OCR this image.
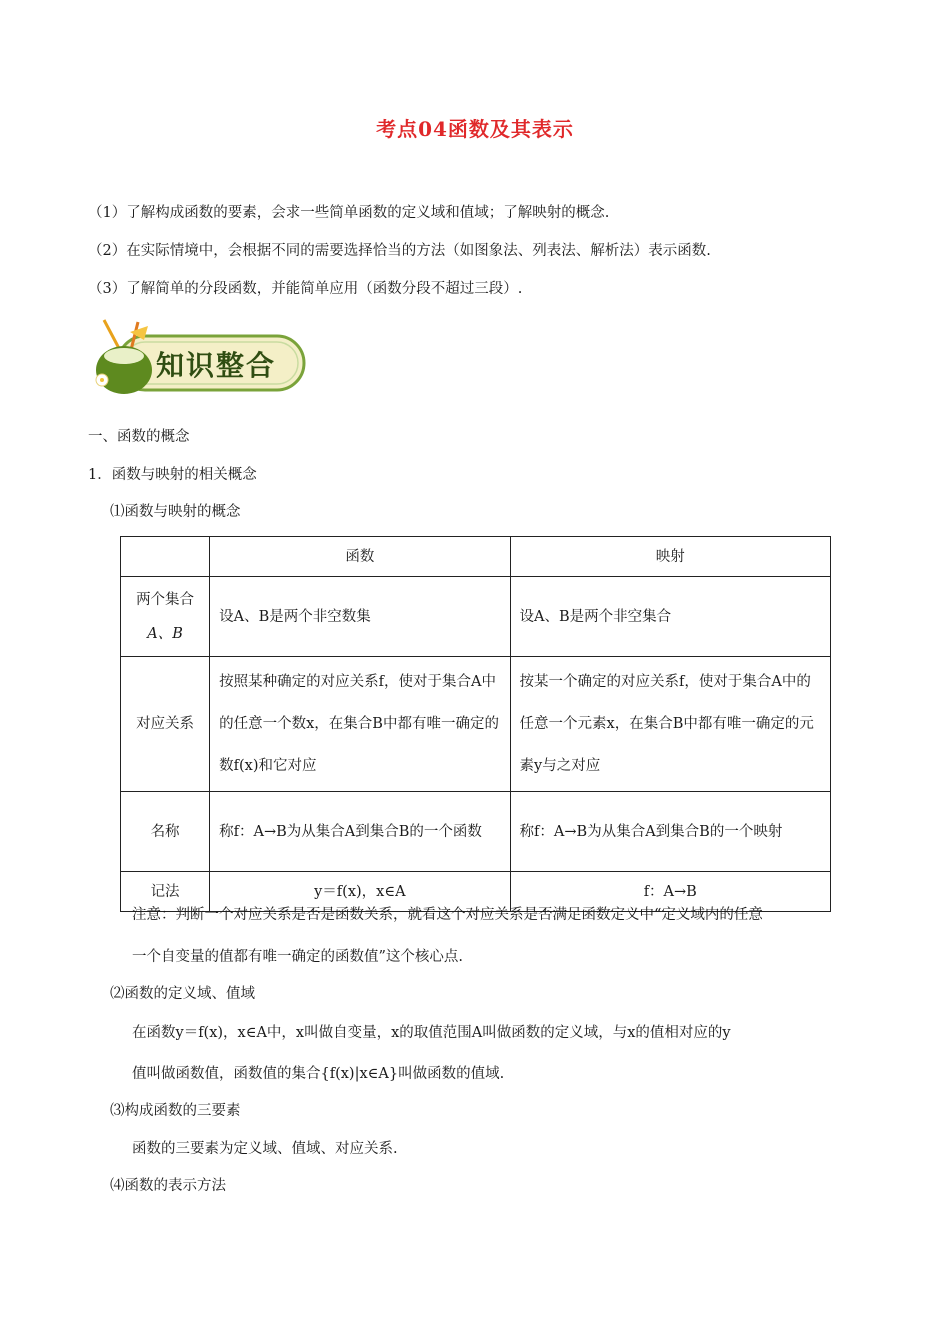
考点04函数及其表示
（1）了解构成函数的要素，会求一些简单函数的定义域和值域；了解映射的概念.
（2）在实际情境中，会根据不同的需要选择恰当的方法（如图象法、列表法、解析法）表示函数.
（3）了解简单的分段函数，并能简单应用（函数分段不超过三段）.
知识整合
一、函数的概念
1．函数与映射的相关概念
⑴函数与映射的概念
	函数	映射

两个集合
A、B	设A、B是两个非空数集	设A、B是两个非空集合
对应关系	按照某种确定的对应关系f，使对于集合A中的任意一个数x，在集合B中都有唯一确定的数f(x)和它对应	按某一个确定的对应关系f，使对于集合A中的任意一个元素x，在集合B中都有唯一确定的元素y与之对应
名称	称f：A→B为从集合A到集合B的一个函数	称f：A→B为从集合A到集合B的一个映射
记法	y＝f(x)，x∈A	f：A→B
注意：判断一个对应关系是否是函数关系，就看这个对应关系是否满足函数定义中“定义域内的任意
一个自变量的值都有唯一确定的函数值”这个核心点.
⑵函数的定义域、值域
在函数y＝f(x)，x∈A中，x叫做自变量，x的取值范围A叫做函数的定义域，与x的值相对应的y
值叫做函数值，函数值的集合{f(x)|x∈A}叫做函数的值域.
⑶构成函数的三要素
函数的三要素为定义域、值域、对应关系.
⑷函数的表示方法
